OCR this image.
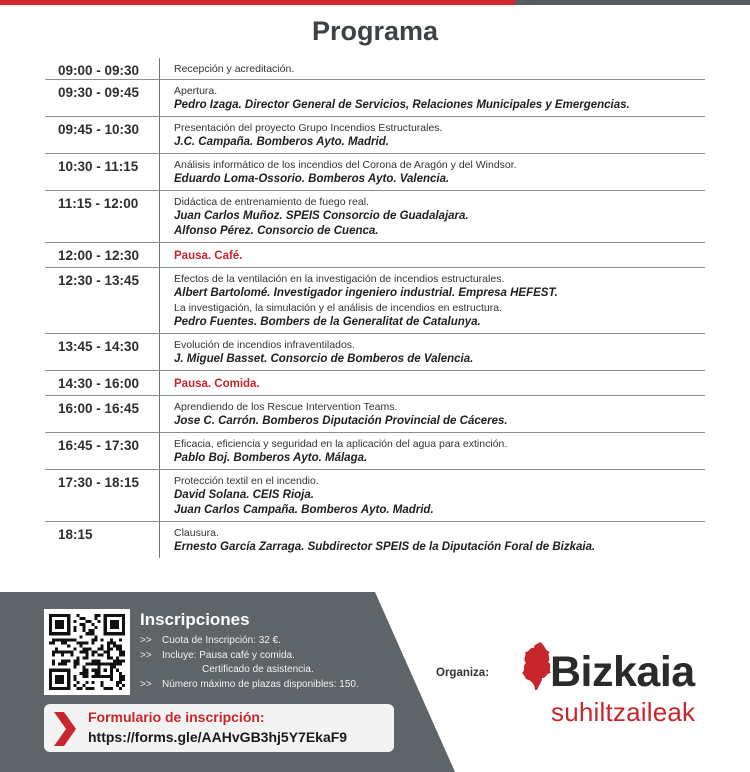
Programa
09:00 - 09:30	Recepción y acreditación.
09:30 - 09:45	Apertura.
Pedro Izaga. Director General de Servicios, Relaciones Municipales y Emergencias.
09:45 - 10:30	Presentación del proyecto Grupo Incendios Estructurales.
J.C. Campaña. Bomberos Ayto. Madrid.
10:30 - 11:15	Análisis informático de los incendios del Corona de Aragón y del Windsor.
Eduardo Loma-Ossorio. Bomberos Ayto. Valencia.
11:15 - 12:00	Didáctica de entrenamiento de fuego real.
Juan Carlos Muñoz. SPEIS Consorcio de Guadalajara.
Alfonso Pérez. Consorcio de Cuenca.
12:00 - 12:30	Pausa. Café.
12:30 - 13:45	Efectos de la ventilación en la investigación de incendios estructurales.
Albert Bartolomé. Investigador ingeniero industrial. Empresa HEFEST.
La investigación, la simulación y el análisis de incendios en estructura.
Pedro Fuentes. Bombers de la Generalitat de Catalunya.
13:45 - 14:30	Evolución de incendios infraventilados.
J. Miguel Basset. Consorcio de Bomberos de Valencia.
14:30 - 16:00	Pausa. Comida.
16:00 - 16:45	Aprendiendo de los Rescue Intervention Teams.
Jose C. Carrón. Bomberos Diputación Provincial de Cáceres.
16:45 - 17:30	Eficacia, eficiencia y seguridad en la aplicación del agua para extinción.
Pablo Boj. Bomberos Ayto. Málaga.
17:30 - 18:15	Protección textil en el incendio.
David Solana. CEIS Rioja.
Juan Carlos Campaña. Bomberos Ayto. Madrid.
18:15	Clausura.
Ernesto García Zarraga. Subdirector SPEIS de la Diputación Foral de Bizkaia.
Inscripciones
>> Cuota de Inscripción: 32 €.
>> Incluye: Pausa café y comida.
Certificado de asistencia.
>> Número máximo de plazas disponibles: 150.
Formulario de inscripción:
https://forms.gle/AAHvGB3hj5Y7EkaF9
Organiza: Bizkaia
suhiltzaileak
